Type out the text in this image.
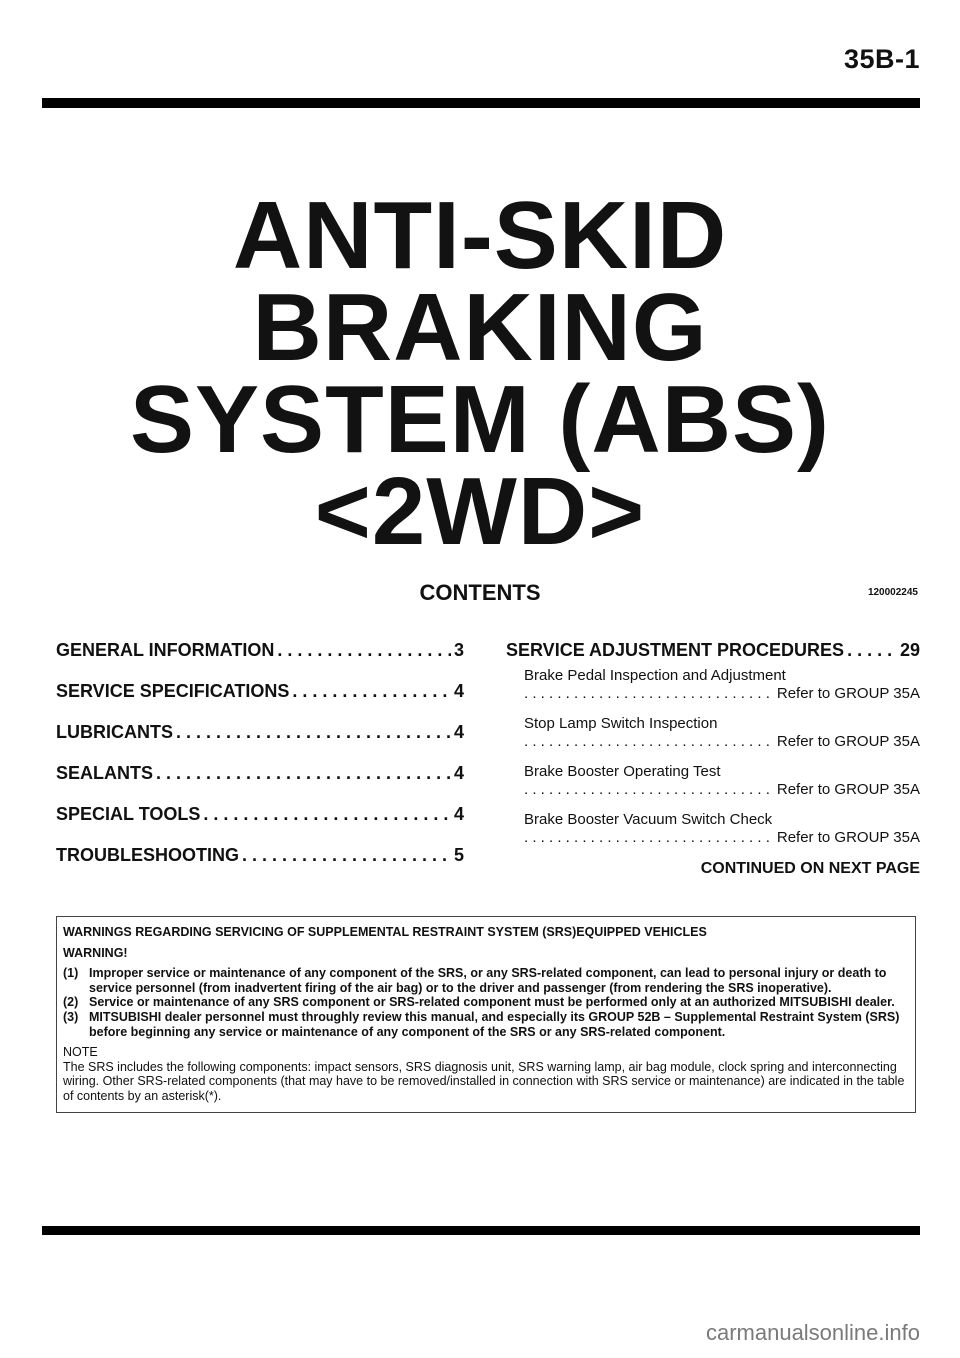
35B-1
ANTI-SKID
BRAKING
SYSTEM (ABS)
<2WD>
CONTENTS	120002245
GENERAL INFORMATION . . .	3
SERVICE SPECIFICATIONS . . .	4
LUBRICANTS . . .	4
SEALANTS . . .	4
SPECIAL TOOLS . . .	4
TROUBLESHOOTING . . .	5
SERVICE ADJUSTMENT PROCEDURES . . .	29
Brake Pedal Inspection and Adjustment
. . .
Refer to GROUP 35A
Stop Lamp Switch Inspection
. . .
Refer to GROUP 35A
Brake Booster Operating Test
. . .
Refer to GROUP 35A
Brake Booster Vacuum Switch Check
. . .
Refer to GROUP 35A
CONTINUED ON NEXT PAGE
WARNINGS REGARDING SERVICING OF SUPPLEMENTAL RESTRAINT SYSTEM (SRS)EQUIPPED VEHICLES
WARNING!
(1) Improper service or maintenance of any component of the SRS, or any SRS-related component, can lead to personal injury or death to service personnel (from inadvertent firing of the air bag) or to the driver and passenger (from rendering the SRS inoperative).
(2) Service or maintenance of any SRS component or SRS-related component must be performed only at an authorized MITSUBISHI dealer.
(3) MITSUBISHI dealer personnel must throughly review this manual, and especially its GROUP 52B – Supplemental Restraint System (SRS) before beginning any service or maintenance of any component of the SRS or any SRS-related component.
NOTE
The SRS includes the following components: impact sensors, SRS diagnosis unit, SRS warning lamp, air bag module, clock spring and interconnecting wiring. Other SRS-related components (that may have to be removed/installed in connection with SRS service or maintenance) are indicated in the table of contents by an asterisk(*).
carmanualsonline.info
